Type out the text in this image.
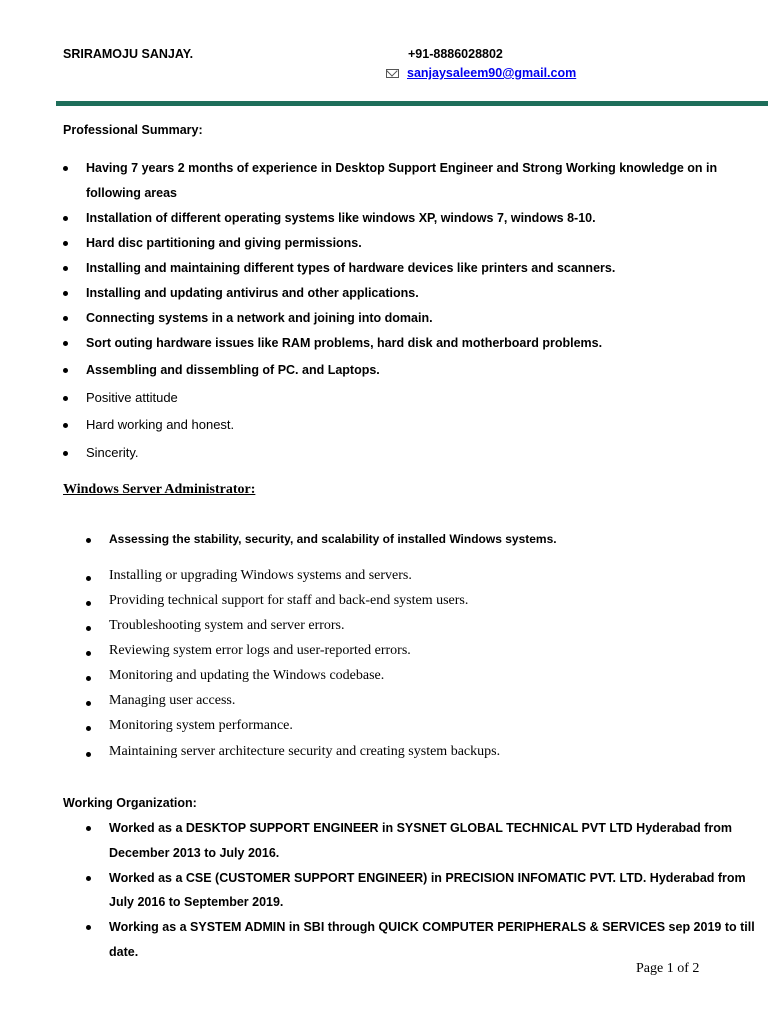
SRIRAMOJU SANJAY.	+91-8886028802
sanjaysaleem90@gmail.com
Professional Summary:
Having 7 years 2 months of experience in Desktop Support Engineer and Strong Working knowledge on in
following areas
Installation of different operating systems like windows XP, windows 7, windows 8-10.
Hard disc partitioning and giving permissions.
Installing and maintaining different types of hardware devices like printers and scanners.
Installing and updating antivirus and other applications.
Connecting systems in a network and joining into domain.
Sort outing hardware issues like RAM problems, hard disk and motherboard problems.
Assembling and dissembling of PC. and Laptops.
Positive attitude
Hard working and honest.
Sincerity.
Windows Server Administrator:
Assessing the stability, security, and scalability of installed Windows systems.
Installing or upgrading Windows systems and servers.
Providing technical support for staff and back-end system users.
Troubleshooting system and server errors.
Reviewing system error logs and user-reported errors.
Monitoring and updating the Windows codebase.
Managing user access.
Monitoring system performance.
Maintaining server architecture security and creating system backups.
Working Organization:
Worked as a DESKTOP SUPPORT ENGINEER in SYSNET GLOBAL TECHNICAL PVT LTD Hyderabad from
December 2013 to July 2016.
Worked as a CSE (CUSTOMER SUPPORT ENGINEER) in PRECISION INFOMATIC PVT. LTD. Hyderabad from
July 2016 to September 2019.
Working as a SYSTEM ADMIN in SBI through QUICK COMPUTER PERIPHERALS & SERVICES sep 2019 to till
date.
Page 1 of 2
